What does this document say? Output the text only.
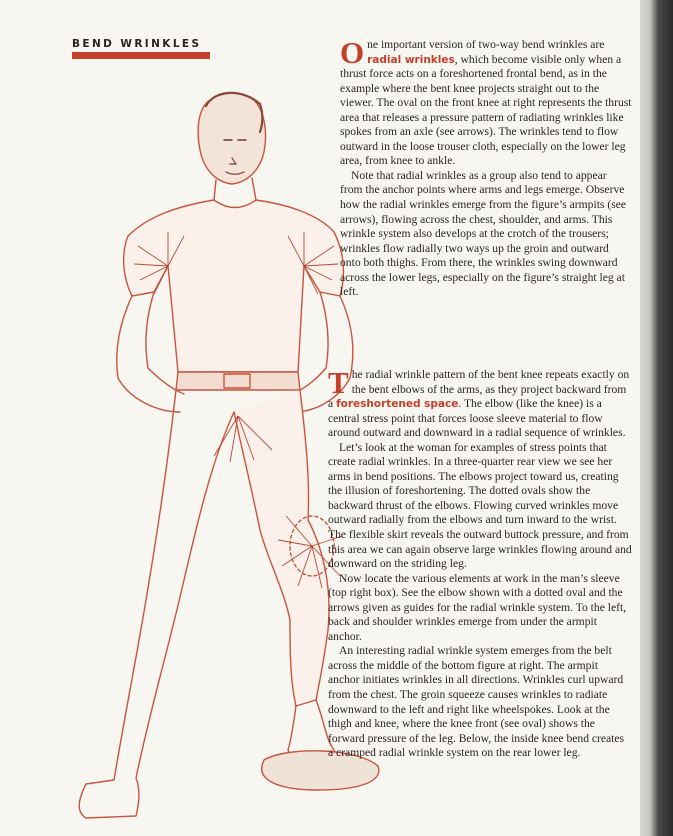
BEND WRINKLES	One important version of two-way bend wrinkles are radial wrinkles, which become visible only when a thrust force acts on a foreshortened frontal bend, as in the example where the bent knee projects straight out to the viewer. The oval on the front knee at right represents the thrust area that releases a pressure pattern of radiating wrinkles like spokes from an axle (see arrows). The wrinkles tend to flow outward in the loose trouser cloth, especially on the lower leg area, from knee to ankle.

Note that radial wrinkles as a group also tend to appear from the anchor points where arms and legs emerge. Observe how the radial wrinkles emerge from the figure’s armpits (see arrows), flowing across the chest, shoulder, and arms. This wrinkle system also develops at the crotch of the trousers; wrinkles flow radially two ways up the groin and outward onto both thighs. From there, the wrinkles swing downward across the lower legs, especially on the figure’s straight leg at left.

The radial wrinkle pattern of the bent knee repeats exactly on the bent elbows of the arms, as they project backward from a foreshortened space. The elbow (like the knee) is a central stress point that forces loose sleeve material to flow around outward and downward in a radial sequence of wrinkles.

Let’s look at the woman for examples of stress points that create radial wrinkles. In a three-quarter rear view we see her arms in bend positions. The elbows project toward us, creating the illusion of foreshortening. The dotted ovals show the backward thrust of the elbows. Flowing curved wrinkles move outward radially from the elbows and turn inward to the wrist. The flexible skirt reveals the outward buttock pressure, and from this area we can again observe large wrinkles flowing around and downward on the striding leg.

Now locate the various elements at work in the man’s sleeve (top right box). See the elbow shown with a dotted oval and the arrows given as guides for the radial wrinkle system. To the left, back and shoulder wrinkles emerge from under the armpit anchor.

An interesting radial wrinkle system emerges from the belt across the middle of the bottom figure at right. The armpit anchor initiates wrinkles in all directions. Wrinkles curl upward from the chest. The groin squeeze causes wrinkles to radiate downward to the left and right like wheelspokes. Look at the thigh and knee, where the knee front (see oval) shows the forward pressure of the leg. Below, the inside knee bend creates a cramped radial wrinkle system on the rear lower leg.
